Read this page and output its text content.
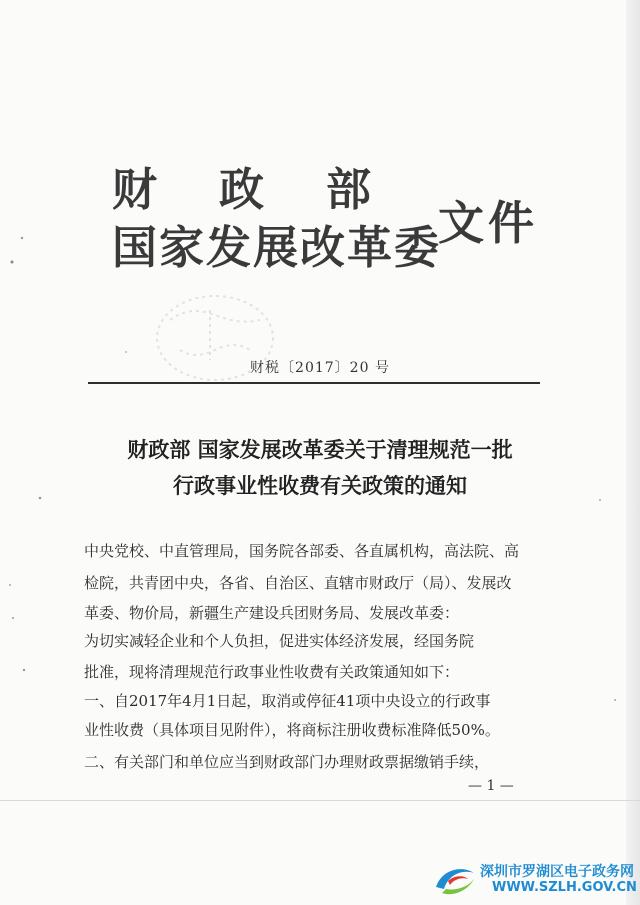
财政部
国家发展改革委
文件
财税〔2017〕20 号
财政部 国家发展改革委关于清理规范一批
行政事业性收费有关政策的通知
中央党校、中直管理局，国务院各部委、各直属机构，高法院、高
检院，共青团中央，各省、自治区、直辖市财政厅（局）、发展改
革委、物价局，新疆生产建设兵团财务局、发展改革委：
为切实减轻企业和个人负担，促进实体经济发展，经国务院
批准，现将清理规范行政事业性收费有关政策通知如下：
一、自2017年4月1日起，取消或停征41项中央设立的行政事
业性收费（具体项目见附件），将商标注册收费标准降低50%。
二、有关部门和单位应当到财政部门办理财政票据缴销手续，
— 1 —
深圳市罗湖区电子政务网
WWW.SZLH.GOV.CN
